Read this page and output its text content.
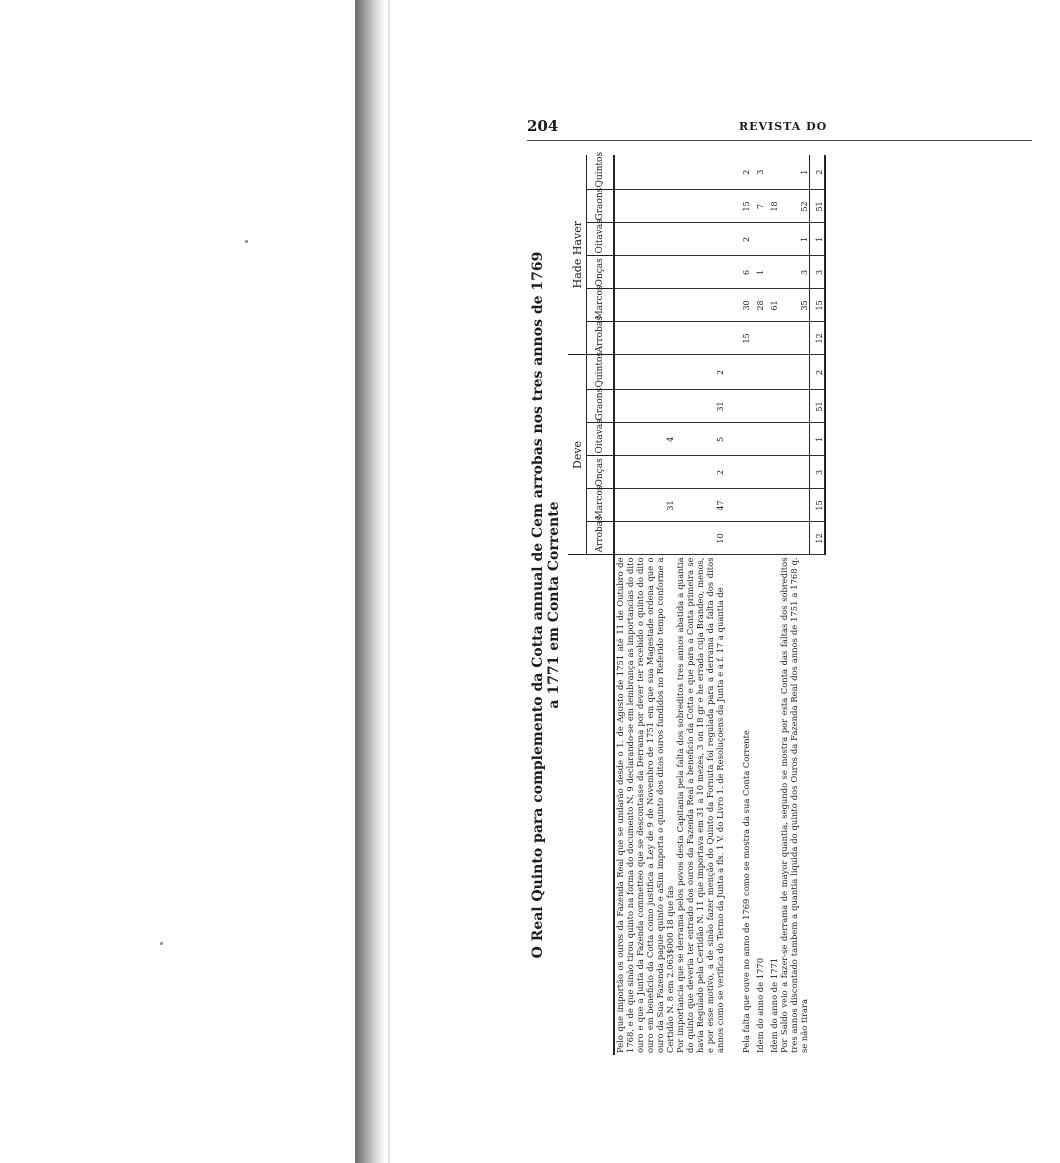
204	REVISTA DO
O Real Quinto para complemento da Cotta annual de Cem arrobas nos tres annos de 1769 a 1771 em Conta Corrente
	Deve						Hade Haver					
	Arrobas	Marcos	Onças	Oitavas	Graons	Quintos	Arrobas	Marcos	Onças	Oitavas	Graons	Quintos
Pelo que importão os ouros da Fazenda Real que se undarão desde o 1. de Agosto de 1751 até 11 de Outubro de 1768, e de que sinão tirou quinto na forma do documento N. 9 declarando-se em lembrança as importancias do dito ouro e que a Junta da Fazenda commetteo que se descontasse da Derrama por dever ter recebido o quinto do dito ouro em beneficio da Cotta como justifica a Ley de 9 de Novembro de 1751 em que sua Magestade ordena que o ouro da Sua Fazenda pague quinto e aSim importa o quinto dos ditos ouros fundidos no Referido tempo conforme a Certidão N. 8 em 2.063$000 18 que fas		31		4								
Por importancia que se derrama pelos povos desta Capitania pela falta dos sobreditos tres annos abatida a quantia do quinto que deveria ter entrado dos ouros da Fazenda Real a beneficio da Cotta e que para a Conta primeira se havia Regulado pela Certidão N. 11 que importava em 31 a 10 mezes, 3 on 18 gr e he errada cuja Brandeo, menos, e por esse motivo, a de sinão fazer menção do Quinto da Fornuta foi regulada para a derrama da falta dos ditos annos como se verifica do Termo da Junta a fls. 1 V. do Livro 1. de Resoluçoens da Junta e a f. 17 a quantia de	10	47	2	5	31	2						

Pela falta que ouve no anno de 1769 como se mostra da sua Conta Corrente							15	30	6	2	15	2
Idem do anno de 1770								28	1		7	3
Idem do anno de 1771								61			18	
Por Saldo veio a fazer-se derrama de mayor quantia, segundo se mostra por esta Conta das faltas dos sobreditos tres annos discontado tambem a quantia liquida do quinto dos Ouros da Fazenda Real dos annos de 1751 a 1768 q. se não tirara								35	3	1	52	1
	12	15	3	1	51	2	12	15	3	1	51	2
